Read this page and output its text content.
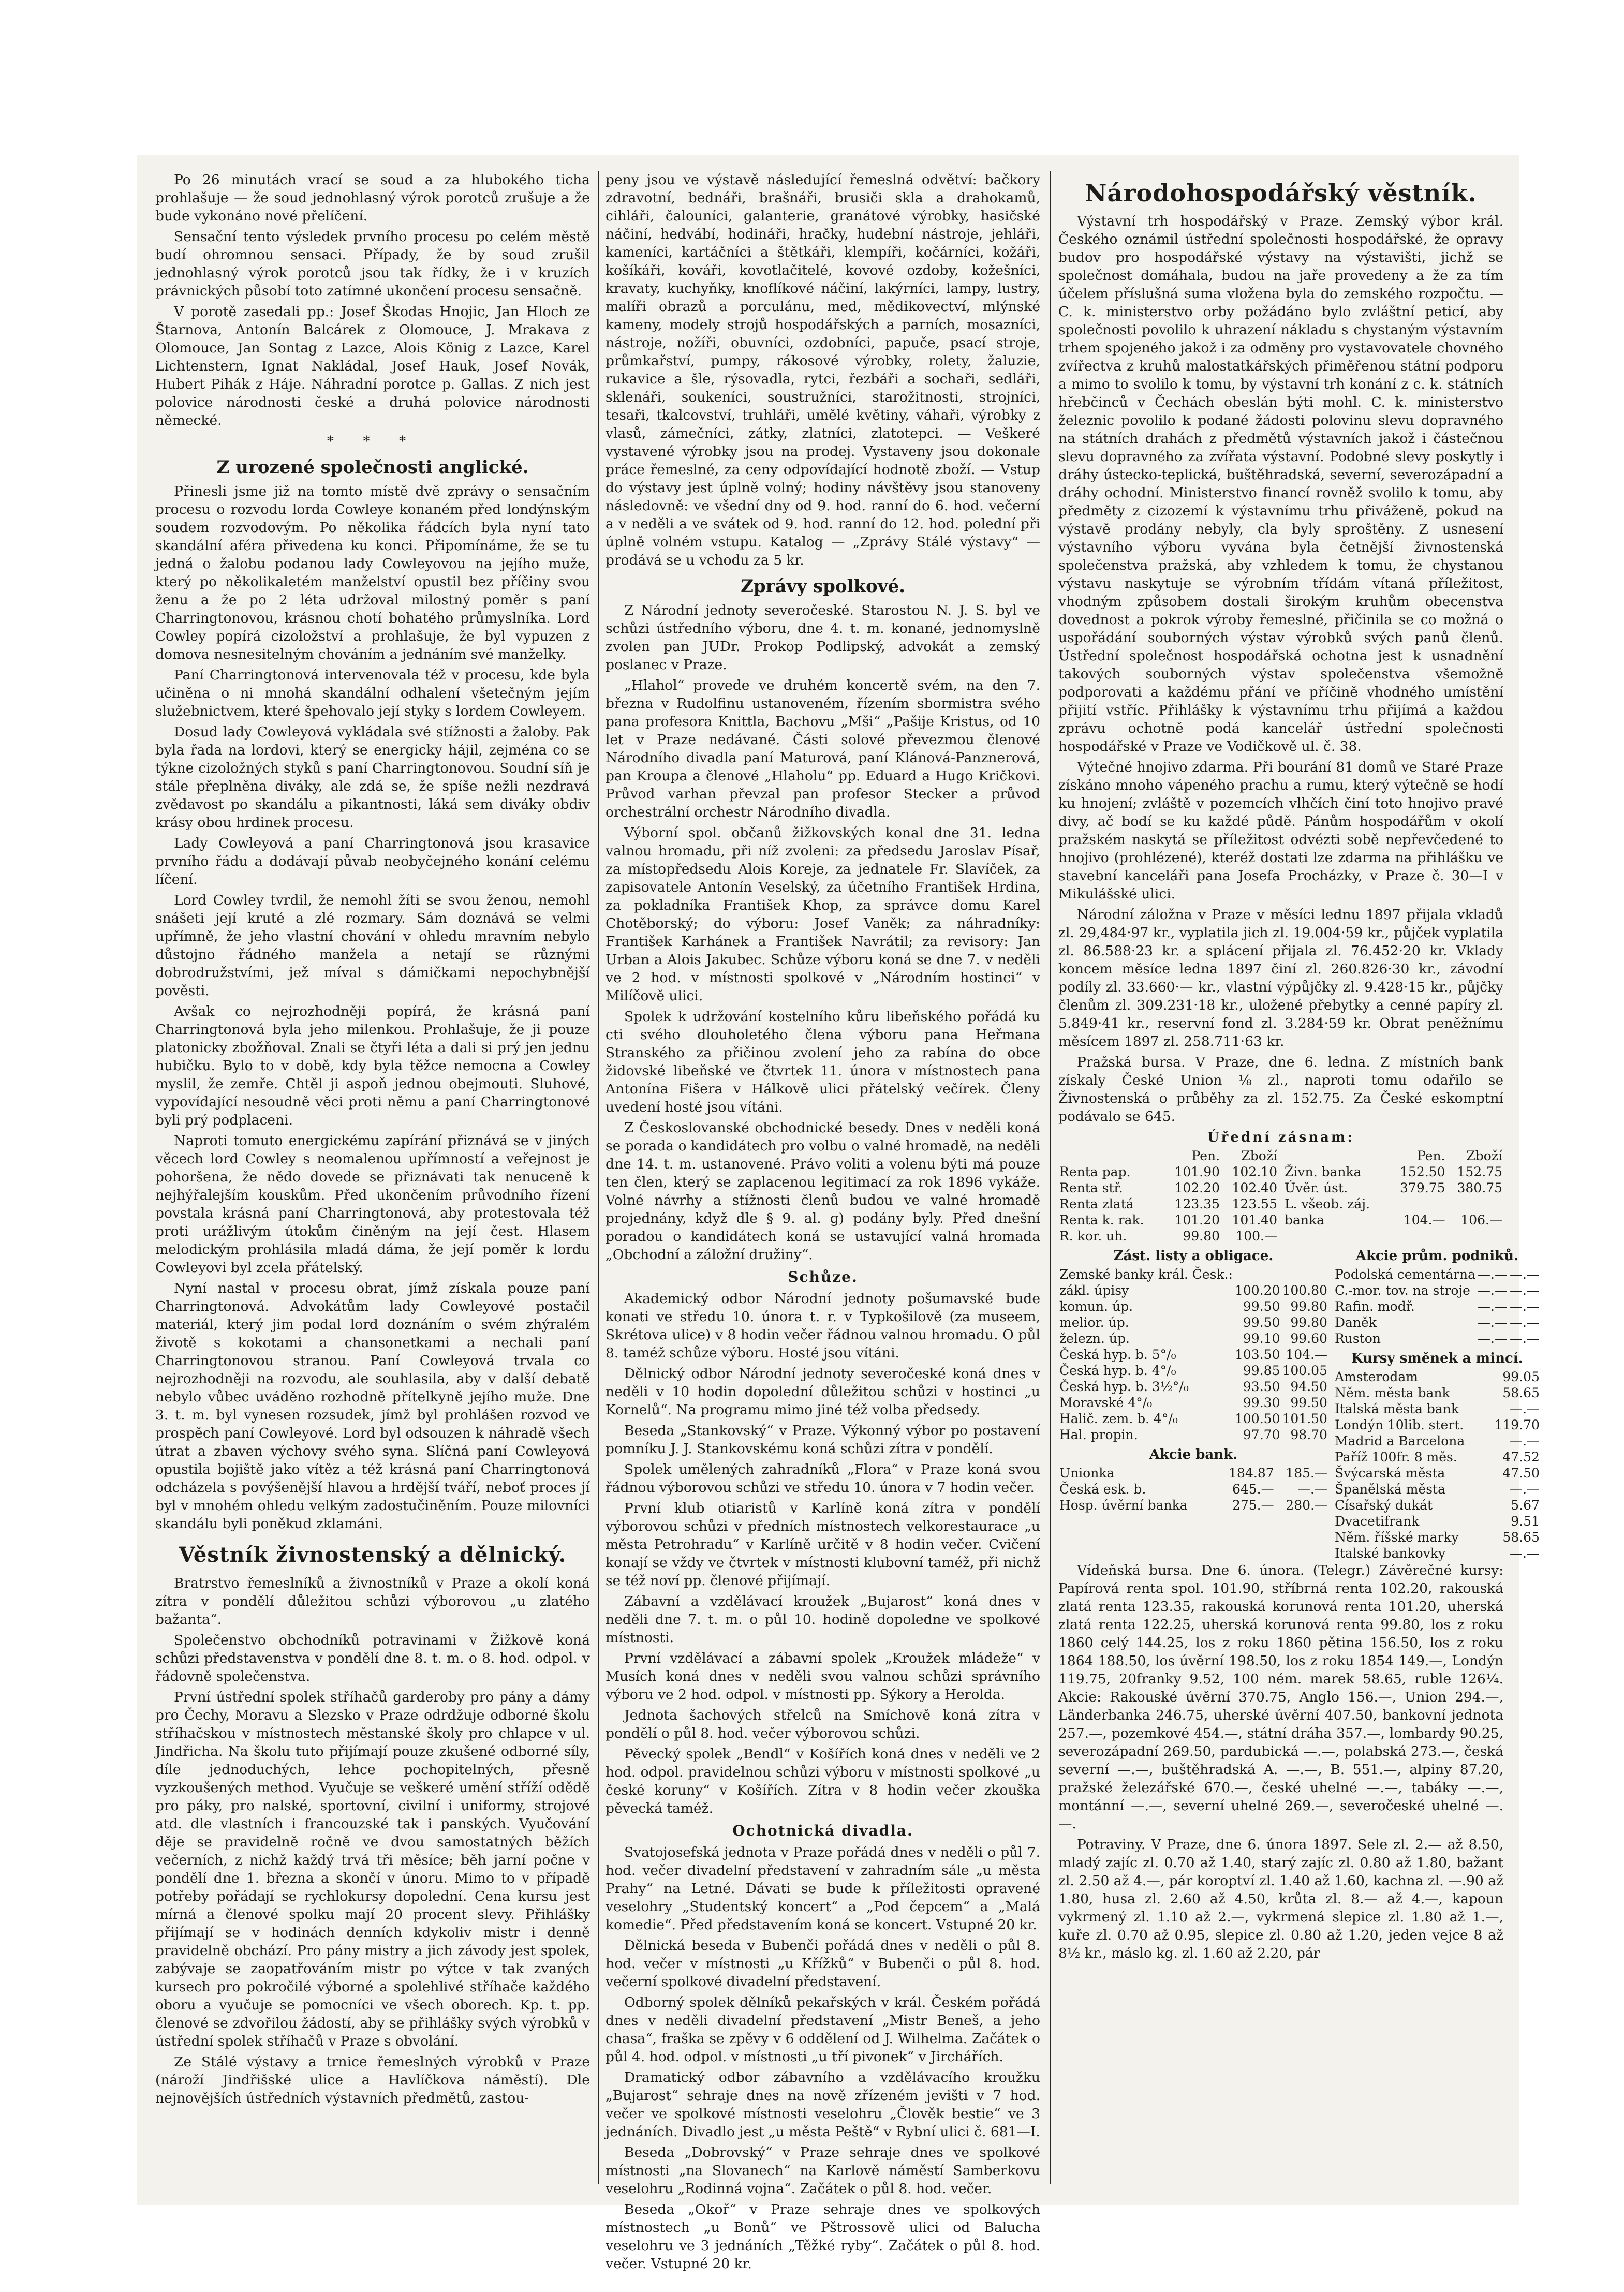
Po 26 minutách vrací se soud a za hlubokého ticha prohlašuje — že soud jednohlasný výrok porotců zrušuje a že bude vykonáno nové přelíčení.

Sensační tento výsledek prvního procesu po celém městě budí ohromnou sensaci. Případy, že by soud zrušil jednohlasný výrok porotců jsou tak řídky, že i v kruzích právnických působí toto zatímné ukončení procesu sensačně.

V porotě zasedali pp.: Josef Škodas Hnojic, Jan Hloch ze Štarnova, Antonín Balcárek z Olomouce, J. Mrakava z Olomouce, Jan Sontag z Lazce, Alois König z Lazce, Karel Lichtenstern, Ignat Nakládal, Josef Hauk, Josef Novák, Hubert Pihák z Háje. Náhradní porotce p. Gallas. Z nich jest polovice národnosti české a druhá polovice národnosti německé.

* * *
Z urozené společnosti anglické.

Přinesli jsme již na tomto místě dvě zprávy o sensačním procesu o rozvodu lorda Cowleye konaném před londýnským soudem rozvodovým. Po několika řádcích byla nyní tato skandální aféra přivedena ku konci. Připomínáme, že se tu jedná o žalobu podanou lady Cowleyovou na jejího muže, který po několikaletém manželství opustil bez příčiny svou ženu a že po 2 léta udržoval milostný poměr s paní Charringtonovou, krásnou chotí bohatého průmyslníka. Lord Cowley popírá cizoložství a prohlašuje, že byl vypuzen z domova nesnesitelným chováním a jednáním své manželky.

Paní Charringtonová intervenovala též v procesu, kde byla učiněna o ni mnohá skandální odhalení všetečným jejím služebnictvem, které špehovalo její styky s lordem Cowleyem.

Dosud lady Cowleyová vykládala své stížnosti a žaloby. Pak byla řada na lordovi, který se energicky hájil, zejména co se týkne cizoložných styků s paní Charringtonovou. Soudní síň je stále přeplněna diváky, ale zdá se, že spíše nežli nezdravá zvědavost po skandálu a pikantnosti, láká sem diváky obdiv krásy obou hrdinek procesu.

Lady Cowleyová a paní Charringtonová jsou krasavice prvního řádu a dodávají půvab neobyčejného konání celému líčení.

Lord Cowley tvrdil, že nemohl žíti se svou ženou, nemohl snášeti její kruté a zlé rozmary. Sám doznává se velmi upřímně, že jeho vlastní chování v ohledu mravním nebylo důstojno řádného manžela a netají se různými dobrodružstvími, jež míval s dámičkami nepochybnější pověsti.

Avšak co nejrozhodněji popírá, že krásná paní Charringtonová byla jeho milenkou. Prohlašuje, že ji pouze platonicky zbožňoval. Znali se čtyři léta a dali si prý jen jednu hubičku. Bylo to v době, kdy byla těžce nemocna a Cowley myslil, že zemře. Chtěl ji aspoň jednou obejmouti. Sluhové, vypovídající nesoudně věci proti němu a paní Charringtonové byli prý podplaceni.

Naproti tomuto energickému zapírání přiznává se v jiných věcech lord Cowley s neomalenou upřímností a veřejnost je pohoršena, že nědo dovede se přiznávati tak nenuceně k nejhýřalejším kouskům. Před ukončením průvodního řízení povstala krásná paní Charringtonová, aby protestovala též proti urážlivým útokům činěným na její čest. Hlasem melodickým prohlásila mladá dáma, že její poměr k lordu Cowleyovi byl zcela přátelský.

Nyní nastal v procesu obrat, jímž získala pouze paní Charringtonová. Advokátům lady Cowleyové postačil materiál, který jim podal lord doznáním o svém zhýralém životě s kokotami a chansonetkami a nechali paní Charringtonovou stranou. Paní Cowleyová trvala co nejrozhodněji na rozvodu, ale souhlasila, aby v další debatě nebylo vůbec uváděno rozhodně přítelkyně jejího muže. Dne 3. t. m. byl vynesen rozsudek, jímž byl prohlášen rozvod ve prospěch paní Cowleyové. Lord byl odsouzen k náhradě všech útrat a zbaven výchovy svého syna. Slíčná paní Cowleyová opustila bojiště jako vítěz a též krásná paní Charringtonová odcházela s povýšenější hlavou a hrdější tváří, neboť proces jí byl v mnohém ohledu velkým zadostučiněním. Pouze milovníci skandálu byli poněkud zklamáni.

Věstník živnostenský a dělnický.

Bratrstvo řemeslníků a živnostníků v Praze a okolí koná zítra v pondělí důležitou schůzi výborovou „u zlatého bažanta“.

Společenstvo obchodníků potravinami v Žižkově koná schůzi představenstva v pondělí dne 8. t. m. o 8. hod. odpol. v řádovně společenstva.

První ústřední spolek stříhačů garderoby pro pány a dámy pro Čechy, Moravu a Slezsko v Praze odrdžuje odborné školu stříhačskou v místnostech městanské školy pro chlapce v ul. Jindřicha. Na školu tuto přijímají pouze zkušené odborné síly, díle jednoduchých, lehce pochopitelných, přesně vyzkoušených method. Vyučuje se veškeré umění stříží odědě pro páky, pro nalské, sportovní, civilní i uniformy, strojové atd. dle vlastních i francouzské tak i panských. Vyučování děje se pravidelně ročně ve dvou samostatných běžích večerních, z nichž každý trvá tři měsíce; běh jarní počne v pondělí dne 1. března a skončí v únoru. Mimo to v případě potřeby pořádají se rychlokursy dopolední. Cena kursu jest mírná a členové spolku mají 20 procent slevy. Přihlášky přijímají se v hodinách denních kdykoliv mistr i denně pravidelně obchází. Pro pány mistry a jich závody jest spolek, zabývaje se zaopatřováním mistr po výtce v tak zvaných kursech pro pokročilé výborné a spolehlivé stříhače každého oboru a vyučuje se pomocníci ve všech oborech. Kp. t. pp. členové se zdvořilou žádostí, aby se přihlášky svých výrobků v ústřední spolek stříhačů v Praze s obvolání.

Ze Stálé výstavy a trnice řemeslných výrobků v Praze (nároží Jindřišské ulice a Havlíčkova náměstí). Dle nejnovějších ústředních výstavních předmětů, zastou-

peny jsou ve výstavě následující řemeslná odvětví: bačkory zdravotní, bednáři, brašnáři, brusiči skla a drahokamů, cihláři, čalouníci, galanterie, granátové výrobky, hasičské náčiní, hedvábí, hodináři, hračky, hudební nástroje, jehláři, kameníci, kartáčníci a štětkáři, klempíři, kočárníci, kožáři, košíkáři, kováři, kovotlačitelé, kovové ozdoby, kožešníci, kravaty, kuchyňky, knoflíkové náčiní, lakýrníci, lampy, lustry, malíři obrazů a porculánu, med, mědikovectví, mlýnské kameny, modely strojů hospodářských a parních, mosazníci, nástroje, nožíři, obuvníci, ozdobníci, papuče, psací stroje, průmkařství, pumpy, rákosové výrobky, rolety, žaluzie, rukavice a šle, rýsovadla, rytci, řezbáři a sochaři, sedláři, sklenáři, soukeníci, soustružníci, starožitnosti, strojníci, tesaři, tkalcovství, truhláři, umělé květiny, váhaři, výrobky z vlasů, zámečníci, zátky, zlatníci, zlatotepci. — Veškeré vystavené výrobky jsou na prodej. Vystaveny jsou dokonale práce řemeslné, za ceny odpovídající hodnotě zboží. — Vstup do výstavy jest úplně volný; hodiny návštěvy jsou stanoveny následovně: ve všední dny od 9. hod. ranní do 6. hod. večerní a v neděli a ve svátek od 9. hod. ranní do 12. hod. polední při úplně volném vstupu. Katalog — „Zprávy Stálé výstavy“ — prodává se u vchodu za 5 kr.

Zprávy spolkové.

Z Národní jednoty severočeské. Starostou N. J. S. byl ve schůzi ústředního výboru, dne 4. t. m. konané, jednomyslně zvolen pan JUDr. Prokop Podlipský, advokát a zemský poslanec v Praze.

„Hlahol“ provede ve druhém koncertě svém, na den 7. března v Rudolfinu ustanoveném, řízením sbormistra svého pana profesora Knittla, Bachovu „Mši“ „Pašije Kristus, od 10 let v Praze nedávané. Části solové převezmou členové Národního divadla paní Maturová, paní Klánová-Panznerová, pan Kroupa a členové „Hlaholu“ pp. Eduard a Hugo Kričkovi. Průvod varhan převzal pan profesor Stecker a průvod orchestrální orchestr Národního divadla.

Výborní spol. občanů žižkovských konal dne 31. ledna valnou hromadu, při níž zvoleni: za předsedu Jaroslav Písař, za místopředsedu Alois Koreje, za jednatele Fr. Slavíček, za zapisovatele Antonín Veselský, za účetního František Hrdina, za pokladníka František Khop, za správce domu Karel Chotěborský; do výboru: Josef Vaněk; za náhradníky: František Karhánek a František Navrátil; za revisory: Jan Urban a Alois Jakubec. Schůze výboru koná se dne 7. v neděli ve 2 hod. v místnosti spolkové v „Národním hostinci“ v Milíčově ulici.

Spolek k udržování kostelního kůru libeňského pořádá ku cti svého dlouholetého člena výboru pana Heřmana Stranského za přičinou zvolení jeho za rabína do obce židovské libeňské ve čtvrtek 11. února v místnostech pana Antonína Fišera v Hálkově ulici přátelský večírek. Členy uvedení hosté jsou vítáni.

Z Českoslovanské obchodnické besedy. Dnes v neděli koná se porada o kandidátech pro volbu o valné hromadě, na neděli dne 14. t. m. ustanovené. Právo voliti a volenu býti má pouze ten člen, který se zaplacenou legitimací za rok 1896 vykáže. Volné návrhy a stížnosti členů budou ve valné hromadě projednány, když dle § 9. al. g) podány byly. Před dnešní poradou o kandidátech koná se ustavující valná hromada „Obchodní a záložní družiny“.

Schůze.

Akademický odbor Národní jednoty pošumavské bude konati ve středu 10. února t. r. v Typkošilově (za museem, Skrétova ulice) v 8 hodin večer řádnou valnou hromadu. O půl 8. taméž schůze výboru. Hosté jsou vítáni.

Dělnický odbor Národní jednoty severočeské koná dnes v neděli v 10 hodin dopolední důležitou schůzi v hostinci „u Kornelů“. Na programu mimo jiné též volba předsedy.

Beseda „Stankovský“ v Praze. Výkonný výbor po postavení pomníku J. J. Stankovskému koná schůzi zítra v pondělí.

Spolek umělených zahradníků „Flora“ v Praze koná svou řádnou výborovou schůzi ve středu 10. února v 7 hodin večer.

První klub otiaristů v Karlíně koná zítra v pondělí výborovou schůzi v předních místnostech velkorestaurace „u města Petrohradu“ v Karlíně určitě v 8 hodin večer. Cvičení konají se vždy ve čtvrtek v místnosti klubovní taméž, při nichž se též noví pp. členové přijímají.

Zábavní a vzdělávací kroužek „Bujarost“ koná dnes v neděli dne 7. t. m. o půl 10. hodině dopoledne ve spolkové místnosti.

První vzdělávací a zábavní spolek „Kroužek mládeže“ v Musích koná dnes v neděli svou valnou schůzi správního výboru ve 2 hod. odpol. v místnosti pp. Sýkory a Herolda.

Jednota šachových střelců na Smíchově koná zítra v pondělí o půl 8. hod. večer výborovou schůzi.

Pěvecký spolek „Bendl“ v Košířích koná dnes v neděli ve 2 hod. odpol. pravidelnou schůzi výboru v místnosti spolkové „u české koruny“ v Košířích. Zítra v 8 hodin večer zkouška pěvecká taméž.

Ochotnická divadla.

Svatojosefská jednota v Praze pořádá dnes v neděli o půl 7. hod. večer divadelní představení v zahradním sále „u města Prahy“ na Letné. Dávati se bude k příležitosti opravené veselohry „Studentský koncert“ a „Pod čepcem“ a „Malá komedie“. Před představením koná se koncert. Vstupné 20 kr.

Dělnická beseda v Bubenči pořádá dnes v neděli o půl 8. hod. večer v místnosti „u Křížků“ v Bubenči o půl 8. hod. večerní spolkové divadelní představení.

Odborný spolek dělníků pekařských v král. Českém pořádá dnes v neděli divadelní představení „Mistr Beneš, a jeho chasa“, fraška se zpěvy v 6 oddělení od J. Wilhelma. Začátek o půl 4. hod. odpol. v místnosti „u tří pivonek“ v Jirchářích.

Dramatický odbor zábavního a vzdělávacího kroužku „Bujarost“ sehraje dnes na nově zřízeném jevišti v 7 hod. večer ve spolkové místnosti veselohru „Člověk bestie“ ve 3 jednáních. Divadlo jest „u města Peště“ v Rybní ulici č. 681—I.

Beseda „Dobrovský“ v Praze sehraje dnes ve spolkové místnosti „na Slovanech“ na Karlově náměstí Samberkovu veselohru „Rodinná vojna“. Začátek o půl 8. hod. večer.

Beseda „Okoř“ v Praze sehraje dnes ve spolkových místnostech „u Bonů“ ve Pštrossově ulici od Balucha veselohru ve 3 jednáních „Těžké ryby“. Začátek o půl 8. hod. večer. Vstupné 20 kr.

Národohospodářský věstník.

Výstavní trh hospodářský v Praze. Zemský výbor král. Českého oznámil ústřední společnosti hospodářské, že opravy budov pro hospodářské výstavy na výstavišti, jichž se společnost domáhala, budou na jaře provedeny a že za tím účelem příslušná suma vložena byla do zemského rozpočtu. — C. k. ministerstvo orby požádáno bylo zvláštní peticí, aby společnosti povolilo k uhrazení nákladu s chystaným výstavním trhem spojeného jakož i za odměny pro vystavovatele chovného zvířectva z kruhů malostatkářských přiměřenou státní podporu a mimo to svolilo k tomu, by výstavní trh konání z c. k. státních hřebčinců v Čechách obeslán býti mohl. C. k. ministerstvo železnic povolilo k podané žádosti polovinu slevu dopravného na státních drahách z předmětů výstavních jakož i částečnou slevu dopravného za zvířata výstavní. Podobné slevy poskytly i dráhy ústecko-teplická, buštěhradská, severní, severozápadní a dráhy ochodní. Ministerstvo financí rovněž svolilo k tomu, aby předměty z cizozemí k výstavnímu trhu přiváženě, pokud na výstavě prodány nebyly, cla byly sproštěny. Z usnesení výstavního výboru vyvána byla četnější živnostenská společenstva pražská, aby vzhledem k tomu, že chystanou výstavu naskytuje se výrobním třídám vítaná příležitost, vhodným způsobem dostali širokým kruhům obecenstva dovednost a pokrok výroby řemeslné, přičinila se co možná o uspořádání souborných výstav výrobků svých panů členů. Ústřední společnost hospodářská ochotna jest k usnadnění takových souborných výstav společenstva všemožně podporovati a každému přání ve příčině vhodného umístění přijití vstříc. Přihlášky k výstavnímu trhu přijímá a každou zprávu ochotně podá kancelář ústřední společnosti hospodářské v Praze ve Vodičkově ul. č. 38.

Výtečné hnojivo zdarma. Při bourání 81 domů ve Staré Praze získáno mnoho vápeného prachu a rumu, který výtečně se hodí ku hnojení; zvláště v pozemcích vlhčích činí toto hnojivo pravé divy, ač bodí se ku každé půdě. Pánům hospodářům v okolí pražském naskytá se příležitost odvézti sobě nepřevčedené to hnojivo (prohlézené), kteréž dostati lze zdarma na přihlášku ve stavební kanceláři pana Josefa Procházky, v Praze č. 30—I v Mikulášské ulici.

Národní záložna v Praze v měsíci lednu 1897 přijala vkladů zl. 29,484·97 kr., vyplatila jich zl. 19.004·59 kr., půjček vyplatila zl. 86.588·23 kr. a splácení přijala zl. 76.452·20 kr. Vklady koncem měsíce ledna 1897 činí zl. 260.826·30 kr., závodní podíly zl. 33.660·— kr., vlastní výpůjčky zl. 9.428·15 kr., půjčky členům zl. 309.231·18 kr., uložené přebytky a cenné papíry zl. 5.849·41 kr., reservní fond zl. 3.284·59 kr. Obrat peněžnímu měsícem 1897 zl. 258.711·63 kr.

Pražská bursa. V Praze, dne 6. ledna. Z místních bank získaly České Union ⅛ zl., naproti tomu odařilo se Živnostenská o průběhy za zl. 152.75. Za České eskomptní podávalo se 645.

Úřední zásnam:
	Pen.	Zboží
Renta pap.	101.90	102.10
Renta stř.	102.20	102.40
Renta zlatá	123.35	123.55
Renta k. rak.	101.20	101.40
R. kor. uh.	99.80	100.—
	Pen.	Zboží
Živn. banka	152.50	152.75
Úvěr. úst.	379.75	380.75
L. všeob. záj.		
banka	104.—	106.—
Zást. listy a obligace.
Zemské banky král. Česk.:		
zákl. úpisy	100.20	100.80
komun. úp.	99.50	99.80
melior. úp.	99.50	99.80
železn. úp.	99.10	99.60
Česká hyp. b. 5°/₀	103.50	104.—
Česká hyp. b. 4°/₀	99.85	100.05
Česká hyp. b. 3½°/₀	93.50	94.50
Moravské 4°/₀	99.30	99.50
Halič. zem. b. 4°/₀	100.50	101.50
Hal. propin.	97.70	98.70
Akcie bank.
Unionka	184.87	185.—
Česká esk. b.	645.—	—.—
Hosp. úvěrní banka	275.—	280.—
Akcie prům. podniků.
Podolská cementárna	—.—	—.—
C.-mor. tov. na stroje	—.—	—.—
Rafin. modř.	—.—	—.—
Daněk	—.—	—.—
Ruston	—.—	—.—
Kursy směnek a mincí.
Amsterodam	99.05
Něm. města bank	58.65
Italská města bank	—.—
Londýn 10lib. stert.	119.70
Madrid a Barcelona	—.—
Paříž 100fr. 8 měs.	47.52
Švýcarská města	47.50
Španělská města	—.—
Císařský dukát	5.67
Dvacetifrank	9.51
Něm. říšské marky	58.65
Italské bankovky	—.—

Vídeňská bursa. Dne 6. února. (Telegr.) Závěrečné kursy: Papírová renta spol. 101.90, stříbrná renta 102.20, rakouská zlatá renta 123.35, rakouská korunová renta 101.20, uherská zlatá renta 122.25, uherská korunová renta 99.80, los z roku 1860 celý 144.25, los z roku 1860 pětina 156.50, los z roku 1864 188.50, los úvěrní 198.50, los z roku 1854 149.—, Londýn 119.75, 20franky 9.52, 100 ném. marek 58.65, ruble 126¼. Akcie: Rakouské úvěrní 370.75, Anglo 156.—, Union 294.—, Länderbanka 246.75, uherské úvěrní 407.50, bankovní jednota 257.—, pozemkové 454.—, státní dráha 357.—, lombardy 90.25, severozápadní 269.50, pardubická —.—, polabská 273.—, česká severní —.—, buštěhradská A. —.—, B. 551.—, alpiny 87.20, pražské železářské 670.—, české uhelné —.—, tabáky —.—, montánní —.—, severní uhelné 269.—, severočeské uhelné —.—.

Potraviny. V Praze, dne 6. února 1897. Sele zl. 2.— až 8.50, mladý zajíc zl. 0.70 až 1.40, starý zajíc zl. 0.80 až 1.80, bažant zl. 2.50 až 4.—, pár koroptví zl. 1.40 až 1.60, kachna zl. —.90 až 1.80, husa zl. 2.60 až 4.50, krůta zl. 8.— až 4.—, kapoun vykrmený zl. 1.10 až 2.—, vykrmená slepice zl. 1.80 až 1.—, kuře zl. 0.70 až 0.95, slepice zl. 0.80 až 1.20, jeden vejce 8 až 8½ kr., máslo kg. zl. 1.60 až 2.20, pár
